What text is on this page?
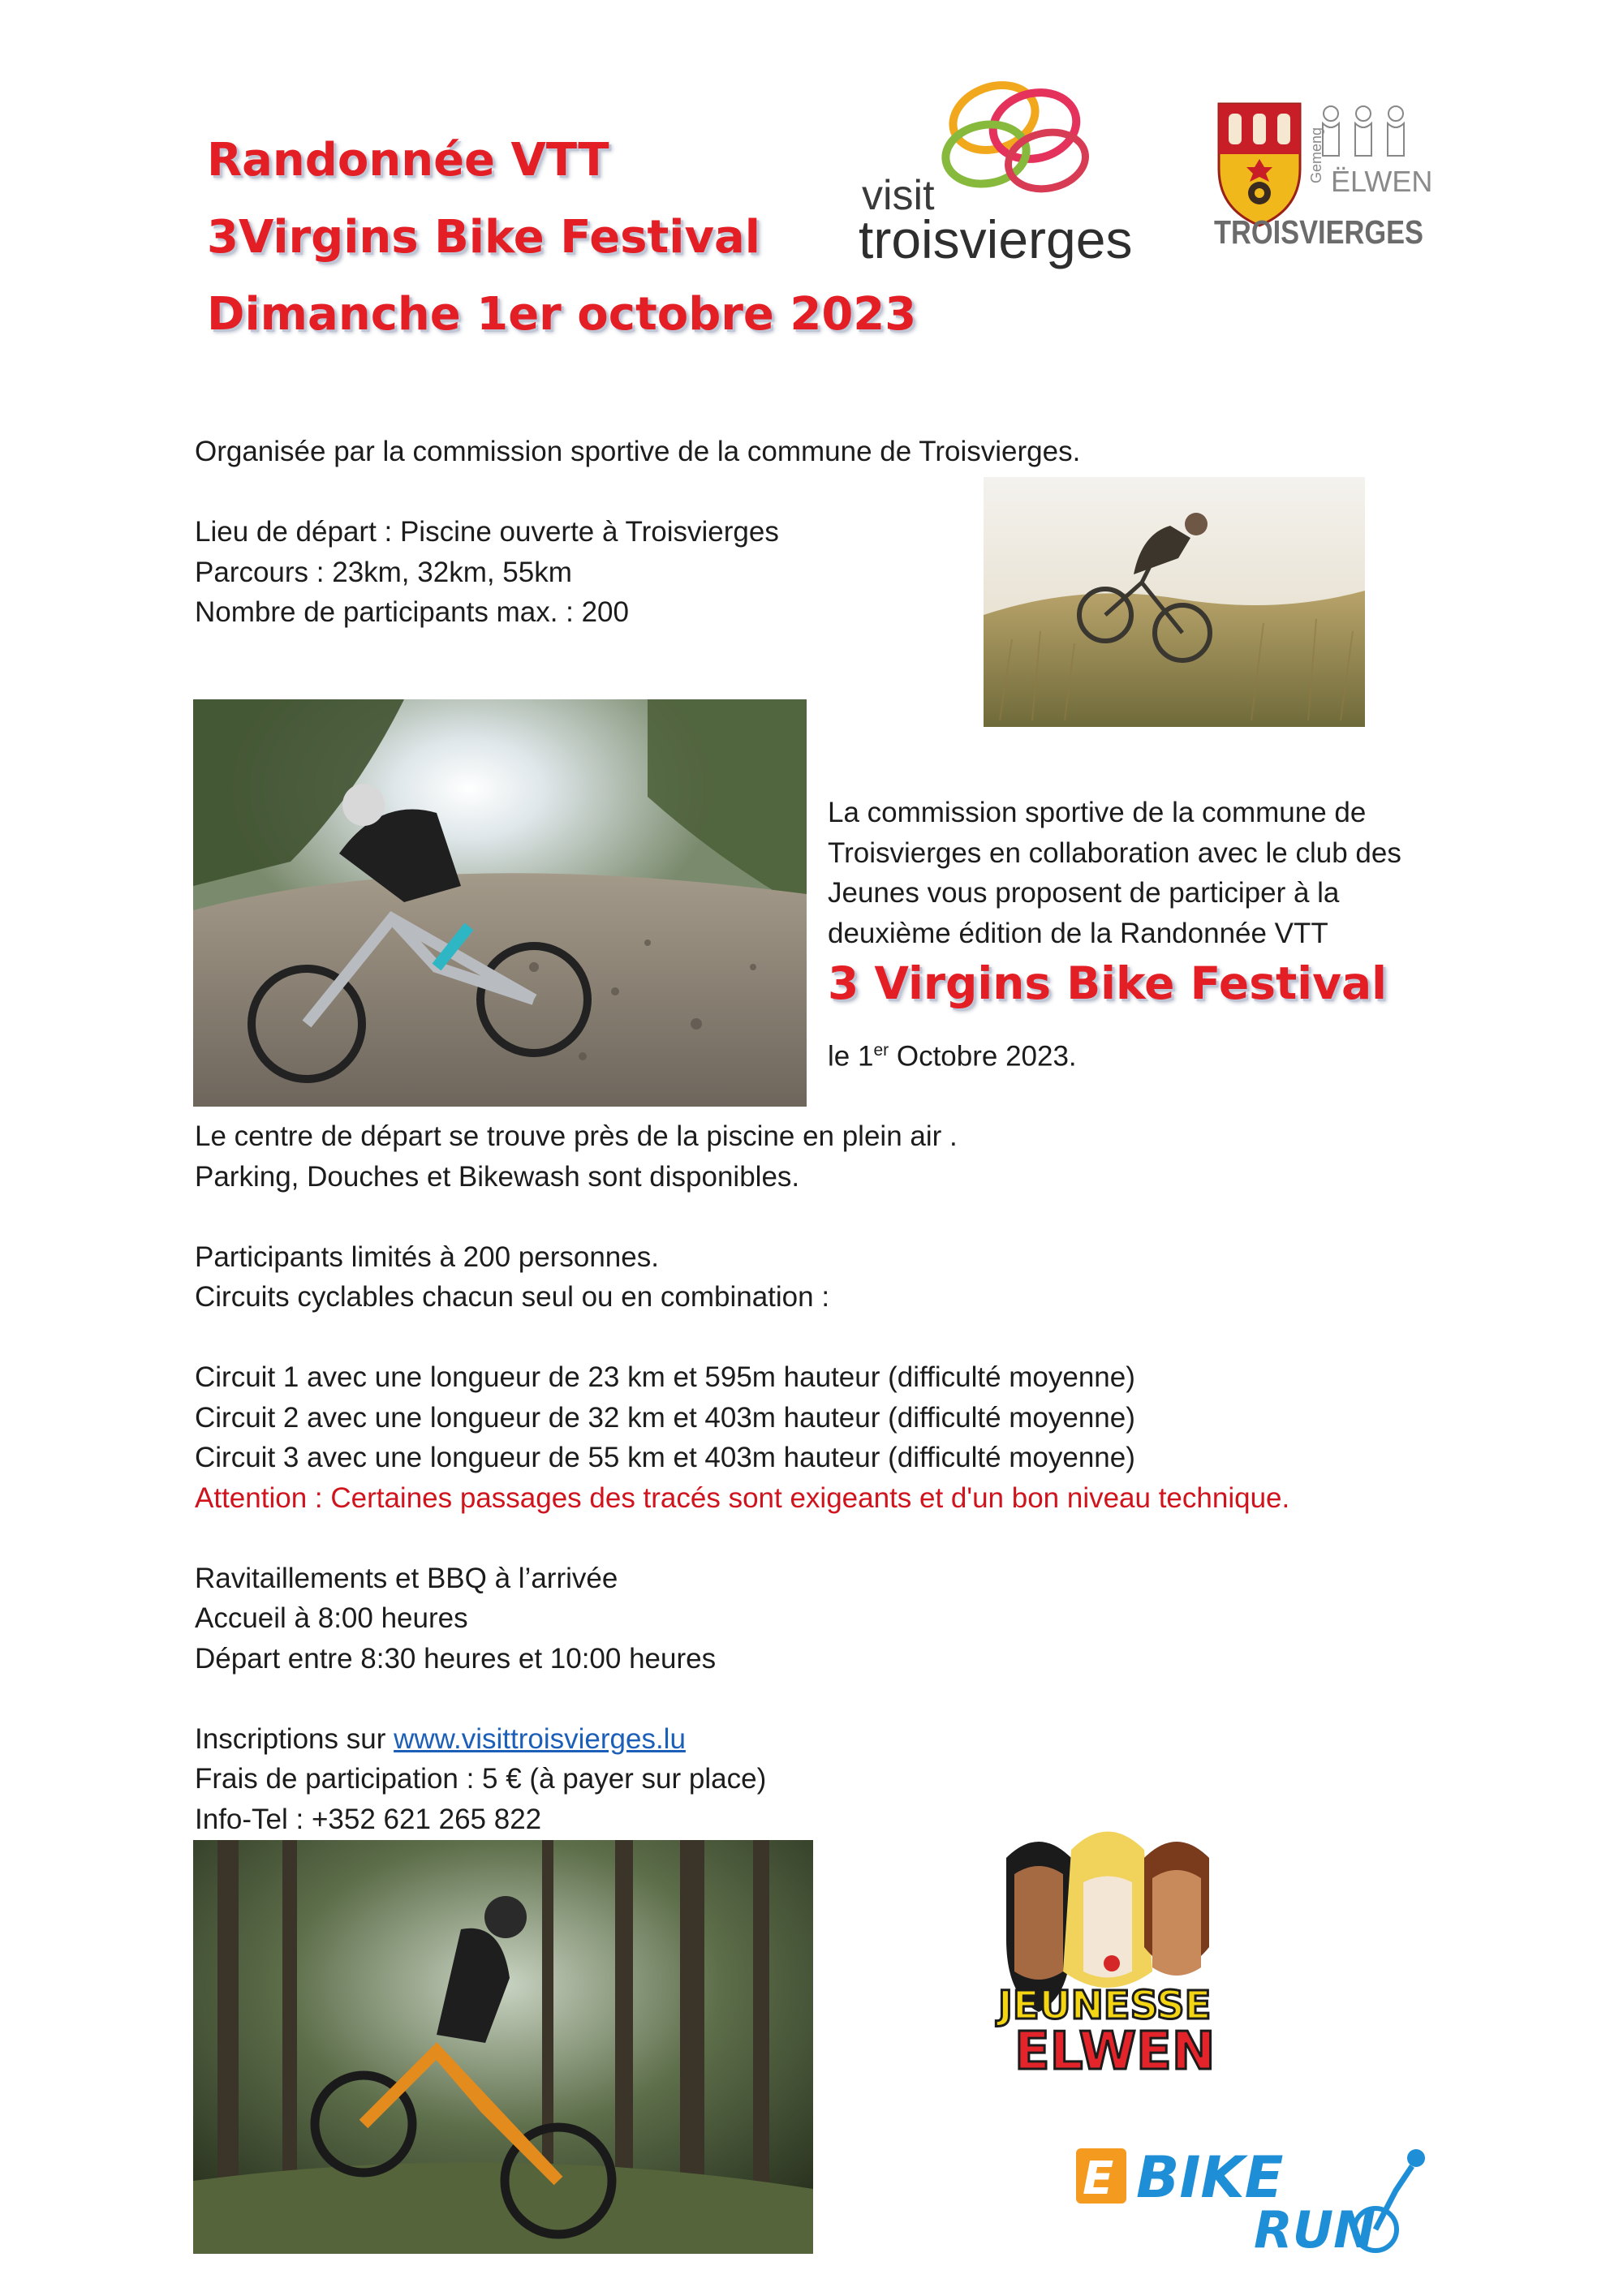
Randonnée VTT
3Virgins Bike Festival
Dimanche 1er octobre 2023
visit
troisvierges
Gemeng ËLWEN
TROISVIERGES

Organisée par la commission sportive de la commune de Troisvierges.

Lieu de départ : Piscine ouverte à Troisvierges

Parcours : 23km, 32km, 55km

Nombre de participants max. : 200

La commission sportive de la commune de

Troisvierges en collaboration avec le club des

Jeunes vous proposent de participer à la

deuxième édition de la Randonnée VTT

3 Virgins Bike Festival
le 1er Octobre 2023.

Le centre de départ se trouve près de la piscine en plein air .

Parking, Douches et Bikewash sont disponibles.

Participants limités à 200 personnes.

Circuits cyclables chacun seul ou en combination :

Circuit 1 avec une longueur de 23 km et 595m hauteur (difficulté moyenne)

Circuit 2 avec une longueur de 32 km et 403m hauteur (difficulté moyenne)

Circuit 3 avec une longueur de 55 km et 403m hauteur (difficulté moyenne)

Attention : Certaines passages des tracés sont exigeants et d'un bon niveau technique.

Ravitaillements et BBQ à l’arrivée

Accueil à 8:00 heures

Départ entre 8:30 heures et 10:00 heures

Inscriptions sur www.visittroisvierges.lu

Frais de participation : 5 € (à payer sur place)

Info-Tel : +352 621 265 822

JEUNESSE
ELWEN
E BIKE
RUN
